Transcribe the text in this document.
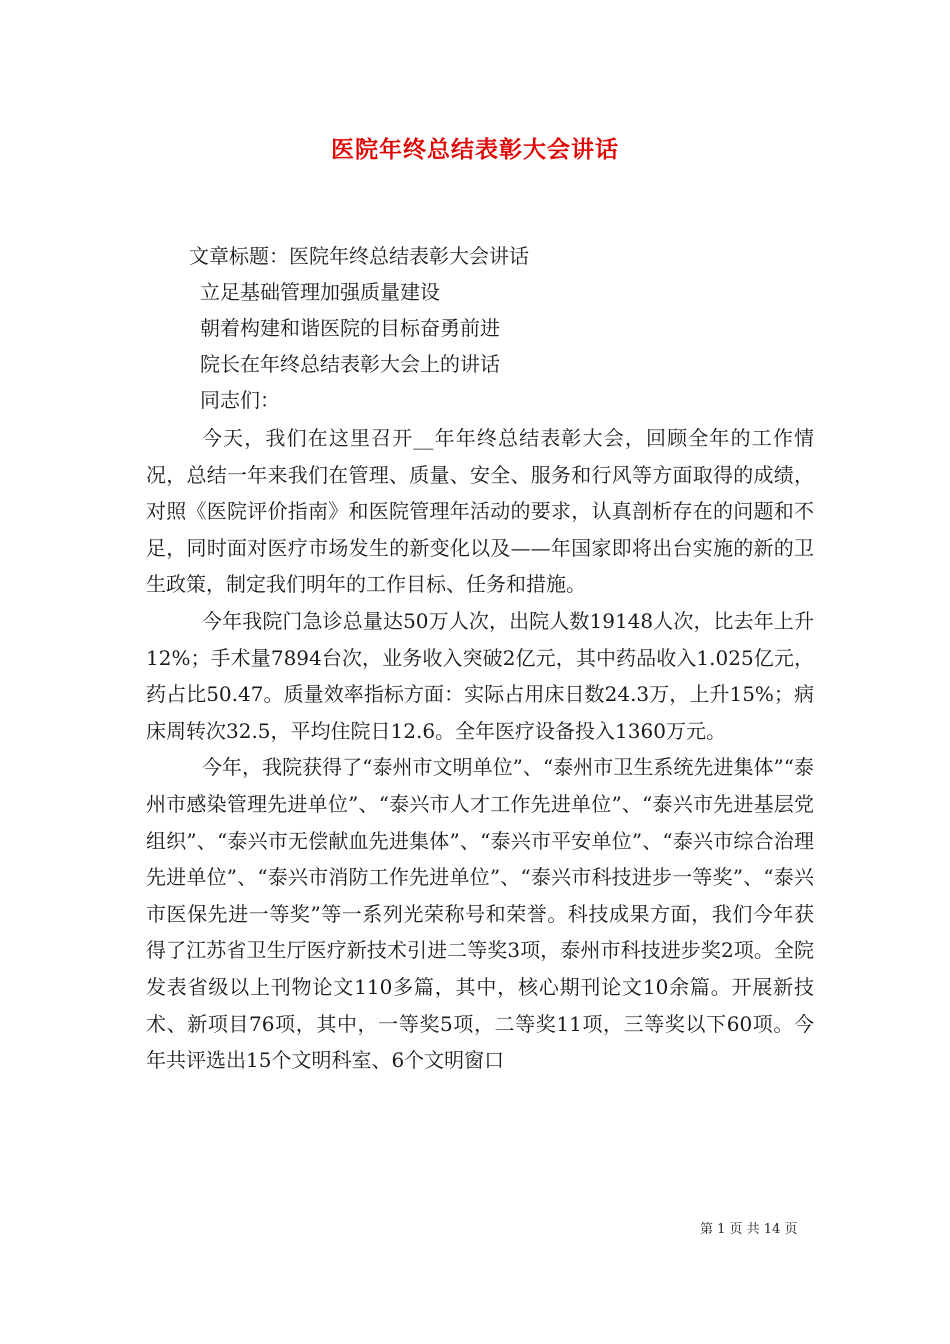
医院年终总结表彰大会讲话
文章标题：医院年终总结表彰大会讲话
立足基础管理加强质量建设
朝着构建和谐医院的目标奋勇前进
院长在年终总结表彰大会上的讲话
同志们：

今天，我们在这里召开__年年终总结表彰大会，回顾全年的工作情况，总结一年来我们在管理、质量、安全、服务和行风等方面取得的成绩，对照《医院评价指南》和医院管理年活动的要求，认真剖析存在的问题和不足，同时面对医疗市场发生的新变化以及——年国家即将出台实施的新的卫生政策，制定我们明年的工作目标、任务和措施。

今年我院门急诊总量达50万人次，出院人数19148人次，比去年上升12%；手术量7894台次，业务收入突破2亿元，其中药品收入1.025亿元，药占比50.47。质量效率指标方面：实际占用床日数24.3万，上升15%；病床周转次32.5，平均住院日12.6。全年医疗设备投入1360万元。

今年，我院获得了“泰州市文明单位”、“泰州市卫生系统先进集体”“泰州市感染管理先进单位”、“泰兴市人才工作先进单位”、“泰兴市先进基层党组织”、“泰兴市无偿献血先进集体”、“泰兴市平安单位”、“泰兴市综合治理先进单位”、“泰兴市消防工作先进单位”、“泰兴市科技进步一等奖”、“泰兴市医保先进一等奖”等一系列光荣称号和荣誉。科技成果方面，我们今年获得了江苏省卫生厅医疗新技术引进二等奖3项，泰州市科技进步奖2项。全院发表省级以上刊物论文110多篇，其中，核心期刊论文10余篇。开展新技术、新项目76项，其中，一等奖5项，二等奖11项，三等奖以下60项。今年共评选出15个文明科室、6个文明窗口

第 1 页 共 14 页
